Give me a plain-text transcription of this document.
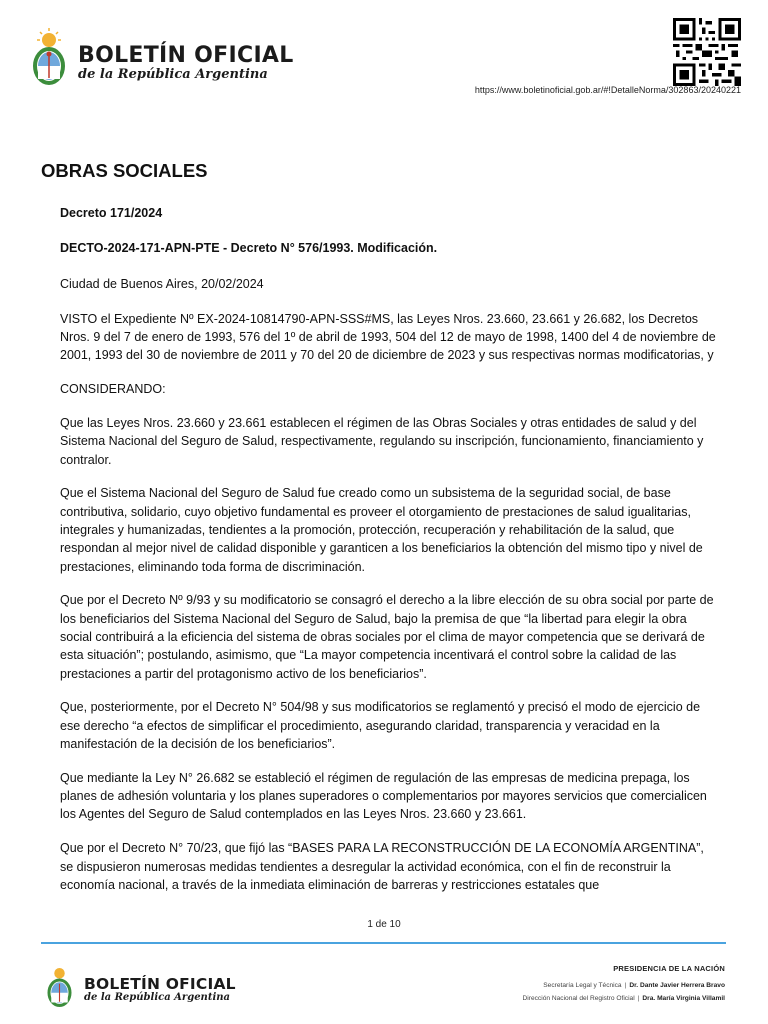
BOLETÍN OFICIAL
de la República Argentina
https://www.boletinoficial.gob.ar/#!DetalleNorma/302863/20240221
OBRAS SOCIALES

Decreto 171/2024

DECTO-2024-171-APN-PTE - Decreto N° 576/1993. Modificación.

Ciudad de Buenos Aires, 20/02/2024

VISTO el Expediente Nº EX-2024-10814790-APN-SSS#MS, las Leyes Nros. 23.660, 23.661 y 26.682, los Decretos Nros. 9 del 7 de enero de 1993, 576 del 1º de abril de 1993, 504 del 12 de mayo de 1998, 1400 del 4 de noviembre de 2001, 1993 del 30 de noviembre de 2011 y 70 del 20 de diciembre de 2023 y sus respectivas normas modificatorias, y

CONSIDERANDO:

Que las Leyes Nros. 23.660 y 23.661 establecen el régimen de las Obras Sociales y otras entidades de salud y del Sistema Nacional del Seguro de Salud, respectivamente, regulando su inscripción, funcionamiento, financiamiento y contralor.

Que el Sistema Nacional del Seguro de Salud fue creado como un subsistema de la seguridad social, de base contributiva, solidario, cuyo objetivo fundamental es proveer el otorgamiento de prestaciones de salud igualitarias, integrales y humanizadas, tendientes a la promoción, protección, recuperación y rehabilitación de la salud, que respondan al mejor nivel de calidad disponible y garanticen a los beneficiarios la obtención del mismo tipo y nivel de prestaciones, eliminando toda forma de discriminación.

Que por el Decreto Nº 9/93 y su modificatorio se consagró el derecho a la libre elección de su obra social por parte de los beneficiarios del Sistema Nacional del Seguro de Salud, bajo la premisa de que “la libertad para elegir la obra social contribuirá a la eficiencia del sistema de obras sociales por el clima de mayor competencia que se derivará de esta situación”; postulando, asimismo, que “La mayor competencia incentivará el control sobre la calidad de las prestaciones a partir del protagonismo activo de los beneficiarios”.

Que, posteriormente, por el Decreto N° 504/98 y sus modificatorios se reglamentó y precisó el modo de ejercicio de ese derecho “a efectos de simplificar el procedimiento, asegurando claridad, transparencia y veracidad en la manifestación de la decisión de los beneficiarios”.

Que mediante la Ley N° 26.682 se estableció el régimen de regulación de las empresas de medicina prepaga, los planes de adhesión voluntaria y los planes superadores o complementarios por mayores servicios que comercialicen los Agentes del Seguro de Salud contemplados en las Leyes Nros. 23.660 y 23.661.

Que por el Decreto N° 70/23, que fijó las “BASES PARA LA RECONSTRUCCIÓN DE LA ECONOMÍA ARGENTINA”, se dispusieron numerosas medidas tendientes a desregular la actividad económica, con el fin de reconstruir la economía nacional, a través de la inmediata eliminación de barreras y restricciones estatales que

1 de 10
BOLETÍN OFICIAL
de la República Argentina
PRESIDENCIA DE LA NACIÓN
Secretaría Legal y Técnica | Dr. Dante Javier Herrera Bravo
Dirección Nacional del Registro Oficial | Dra. María Virginia Villamil
